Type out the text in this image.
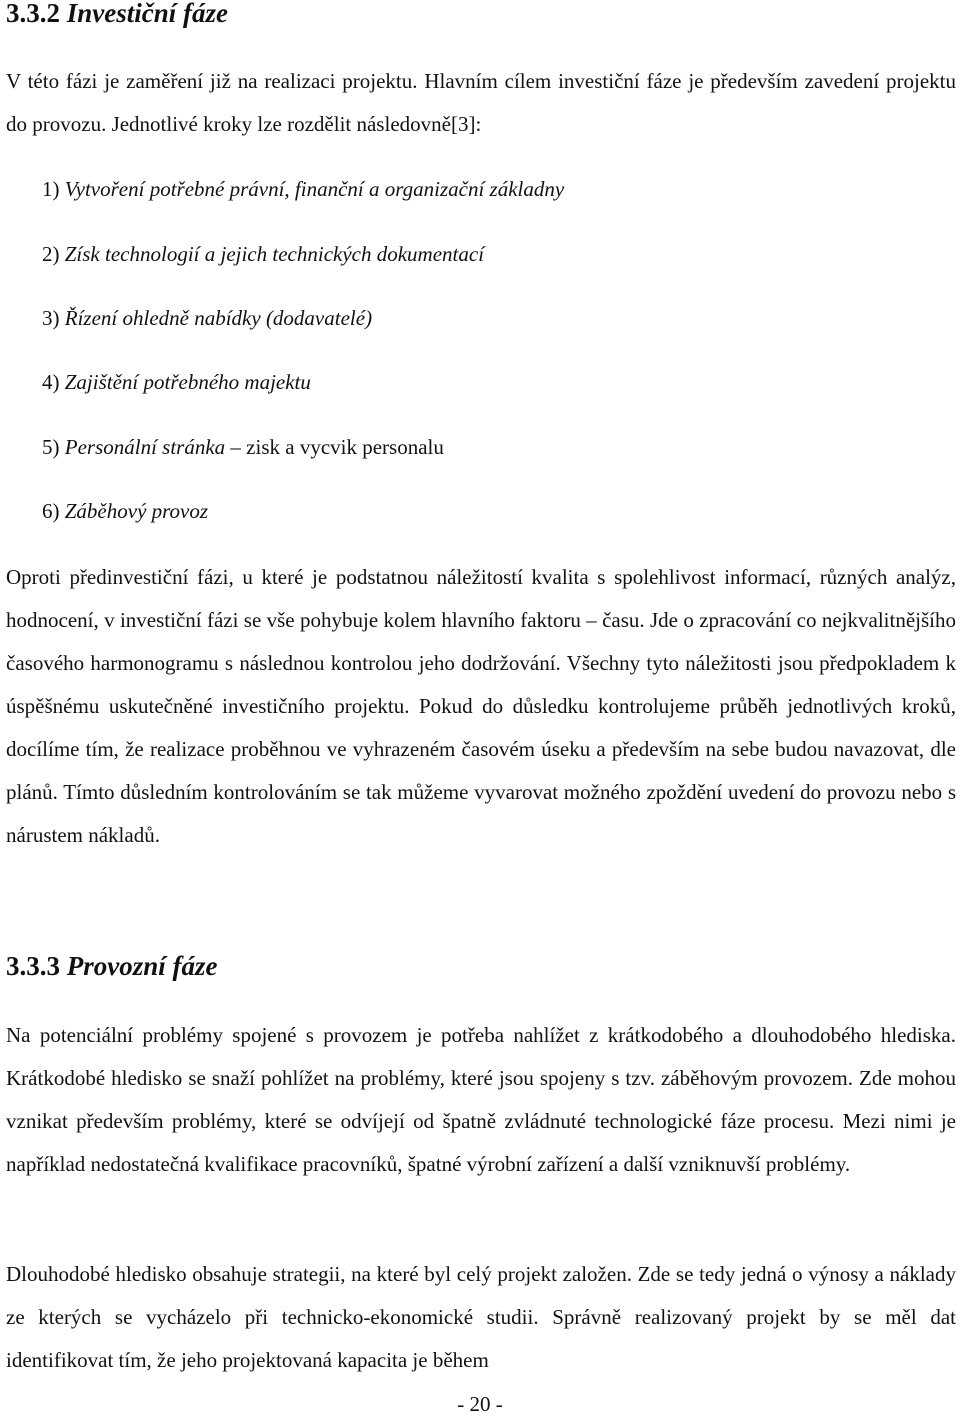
3.3.2 Investiční fáze

V této fázi je zaměření již na realizaci projektu. Hlavním cílem investiční fáze je především zavedení projektu do provozu. Jednotlivé kroky lze rozdělit následovně[3]:

1) Vytvoření potřebné právní, finanční a organizační základny
2) Získ technologií a jejich technických dokumentací
3) Řízení ohledně nabídky (dodavatelé)
4) Zajištění potřebného majektu
5) Personální stránka – zisk a vycvik personalu
6) Záběhový provoz

Oproti předinvestiční fázi, u které je podstatnou náležitostí kvalita s spolehlivost informací, různých analýz, hodnocení, v investiční fázi se vše pohybuje kolem hlavního faktoru – času. Jde o zpracování co nejkvalitnějšího časového harmonogramu s následnou kontrolou jeho dodržování. Všechny tyto náležitosti jsou předpokladem k úspěšnému uskutečněné investičního projektu. Pokud do důsledku kontrolujeme průběh jednotlivých kroků, docílíme tím, že realizace proběhnou ve vyhrazeném časovém úseku a především na sebe budou navazovat, dle plánů. Tímto důsledním kontrolováním se tak můžeme vyvarovat možného zpoždění uvedení do provozu nebo s nárustem nákladů.

3.3.3 Provozní fáze

Na potenciální problémy spojené s provozem je potřeba nahlížet z krátkodobého a dlouhodobého hlediska. Krátkodobé hledisko se snaží pohlížet na problémy, které jsou spojeny s tzv. záběhovým provozem. Zde mohou vznikat především problémy, které se odvíjejí od špatně zvládnuté technologické fáze procesu. Mezi nimi je například nedostatečná kvalifikace pracovníků, špatné výrobní zařízení a další vzniknuvší problémy.

Dlouhodobé hledisko obsahuje strategii, na které byl celý projekt založen. Zde se tedy jedná o výnosy a náklady ze kterých se vycházelo při technicko-ekonomické studii. Správně realizovaný projekt by se měl dat identifikovat tím, že jeho projektovaná kapacita je během

- 20 -
